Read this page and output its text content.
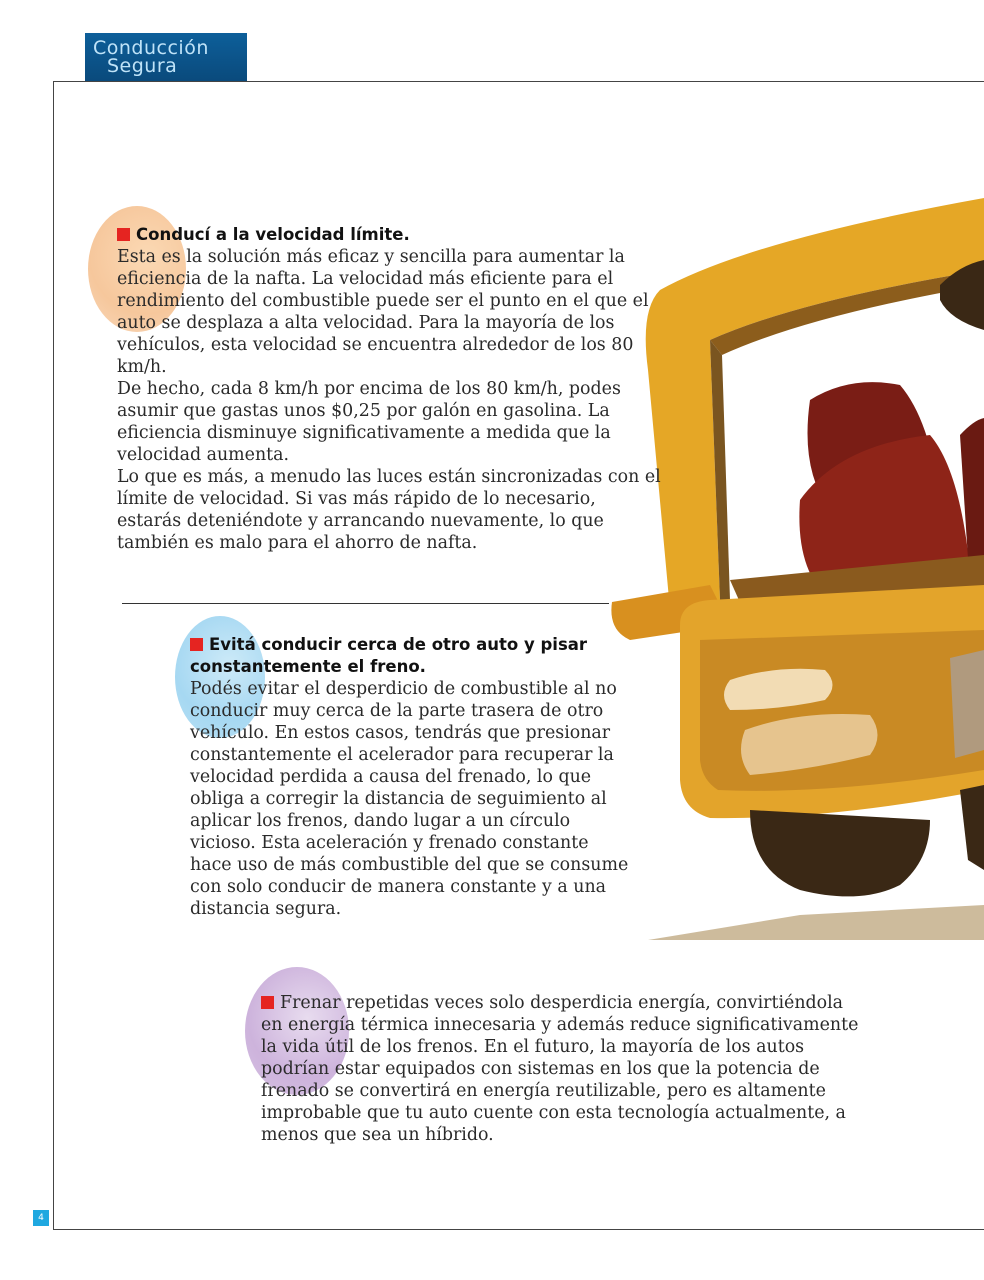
Conducción
Segura
4
Conducí a la velocidad límite.

Esta es la solución más eficaz y sencilla para aumentar la eficiencia de la nafta. La velocidad más eficiente para el rendimiento del combustible puede ser el punto en el que el auto se desplaza a alta velocidad. Para la mayoría de los vehículos, esta velocidad se encuentra alrededor de los 80 km/h.

De hecho, cada 8 km/h por encima de los 80 km/h, podes asumir que gastas unos $0,25 por galón en gasolina. La eficiencia disminuye significativamente a medida que la velocidad aumenta.

Lo que es más, a menudo las luces están sincronizadas con el límite de velocidad. Si vas más rápido de lo necesario, estarás deteniéndote y arrancando nuevamente, lo que también es malo para el ahorro de nafta.

Evitá conducir cerca de otro auto y pisar constantemente el freno.

Podés evitar el desperdicio de combustible al no conducir muy cerca de la parte trasera de otro vehículo. En estos casos, tendrás que presionar constantemente el acelerador para recuperar la velocidad perdida a causa del frenado, lo que obliga a corregir la distancia de seguimiento al aplicar los frenos, dando lugar a un círculo vicioso. Esta aceleración y frenado constante hace uso de más combustible del que se consume con solo conducir de manera constante y a una distancia segura.

Frenar repetidas veces solo desperdicia energía, convirtiéndola en energía térmica innecesaria y además reduce significativamente la vida útil de los frenos. En el futuro, la mayoría de los autos podrían estar equipados con sistemas en los que la potencia de frenado se convertirá en energía reutilizable, pero es altamente improbable que tu auto cuente con esta tecnología actualmente, a menos que sea un híbrido.
